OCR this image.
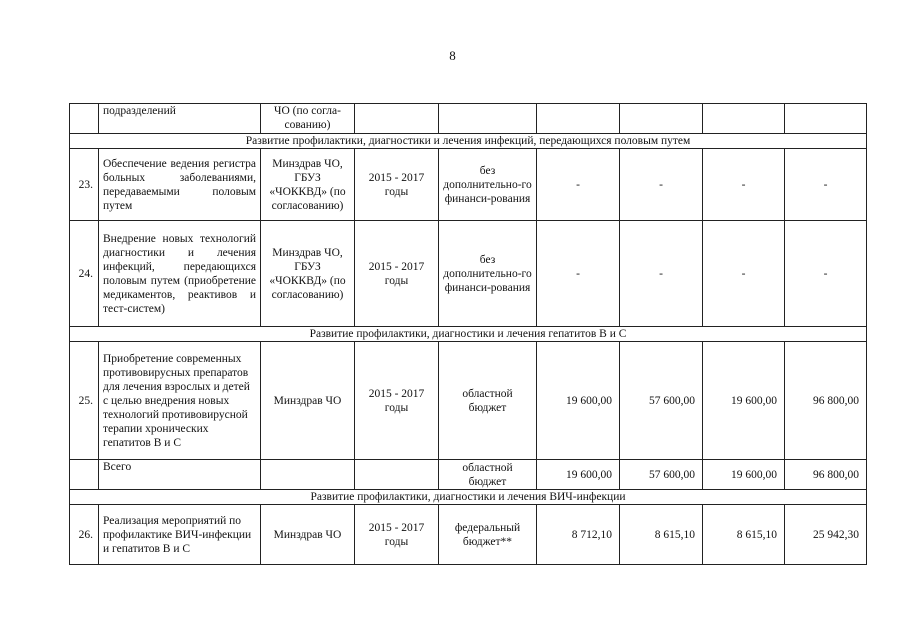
8
	подразделений	ЧО (по согла-сованию)						
Развитие профилактики, диагностики и лечения инфекций, передающихся половым путем								
23.	Обеспечение ведения регистра больных заболеваниями, передаваемыми половым путем	Минздрав ЧО, ГБУЗ «ЧОККВД» (по согласованию)	2015 - 2017 годы	без дополнительно-го финанси-рования	-	-	-	-
24.	Внедрение новых технологий диагностики и лечения инфекций, передающихся половым путем (приобретение медикаментов, реактивов и тест-систем)	Минздрав ЧО, ГБУЗ «ЧОККВД» (по согласованию)	2015 - 2017 годы	без дополнительно-го финанси-рования	-	-	-	-
Развитие профилактики, диагностики и лечения гепатитов В и С								
25.	Приобретение современных противовирусных препаратов для лечения взрослых и детей с целью внедрения новых технологий противовирусной терапии хронических гепатитов В и С	Минздрав ЧО	2015 - 2017 годы	областной бюджет	19 600,00	57 600,00	19 600,00	96 800,00
	Всего			областной бюджет	19 600,00	57 600,00	19 600,00	96 800,00
Развитие профилактики, диагностики и лечения ВИЧ-инфекции								
26.	Реализация мероприятий по профилактике ВИЧ-инфекции и гепатитов В и С	Минздрав ЧО	2015 - 2017 годы	федеральный бюджет**	8 712,10	8 615,10	8 615,10	25 942,30
